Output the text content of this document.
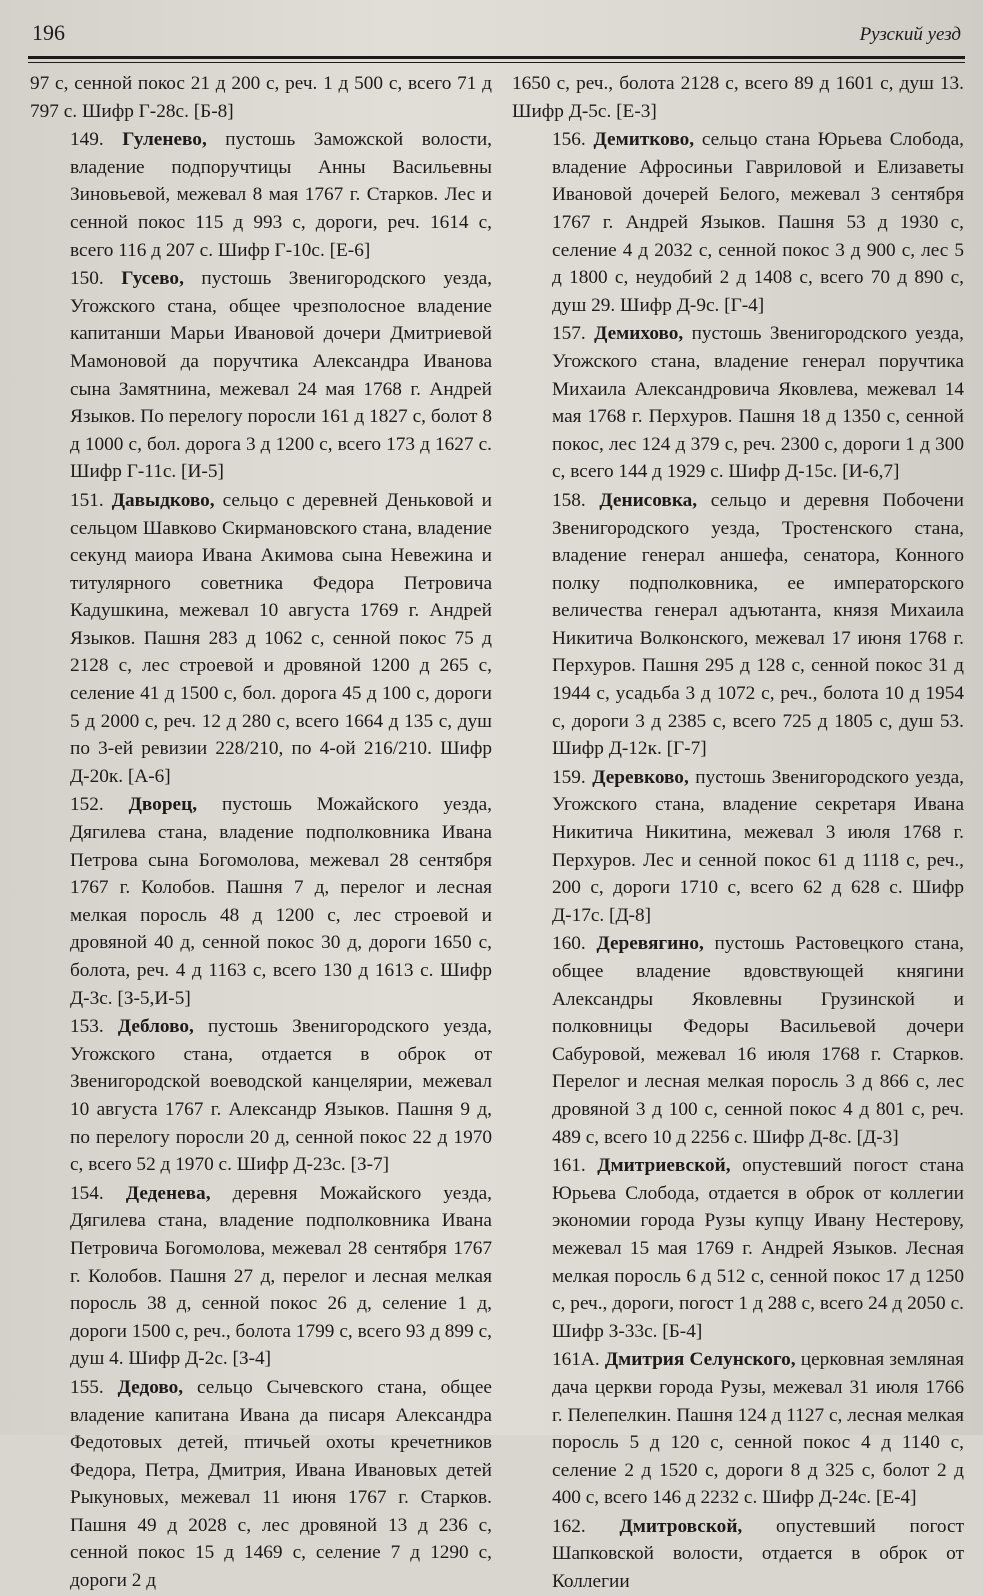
196	Рузский уезд

97 с, сенной покос 21 д 200 с, реч. 1 д 500 с, всего 71 д 797 с. Шифр Г-28с. [Б-8]

149. Гуленево, пустошь Заможской волости, владение подпоручтицы Анны Васильевны Зиновьевой, межевал 8 мая 1767 г. Старков. Лес и сенной покос 115 д 993 с, дороги, реч. 1614 с, всего 116 д 207 с. Шифр Г-10с. [Е-6]

150. Гусево, пустошь Звенигородского уезда, Угожского стана, общее чрезполосное владение капитанши Марьи Ивановой дочери Дмитриевой Мамоновой да поручтика Александра Иванова сына Замятнина, межевал 24 мая 1768 г. Андрей Языков. По перелогу поросли 161 д 1827 с, болот 8 д 1000 с, бол. дорога 3 д 1200 с, всего 173 д 1627 с. Шифр Г-11с. [И-5]

151. Давыдково, сельцо с деревней Деньковой и сельцом Шавково Скирмановского стана, владение секунд маиора Ивана Акимова сына Невежина и титулярного советника Федора Петровича Кадушкина, межевал 10 августа 1769 г. Андрей Языков. Пашня 283 д 1062 с, сенной покос 75 д 2128 с, лес строевой и дровяной 1200 д 265 с, селение 41 д 1500 с, бол. дорога 45 д 100 с, дороги 5 д 2000 с, реч. 12 д 280 с, всего 1664 д 135 с, душ по 3-ей ревизии 228/210, по 4-ой 216/210. Шифр Д-20к. [А-6]

152. Дворец, пустошь Можайского уезда, Дягилева стана, владение подполковника Ивана Петрова сына Богомолова, межевал 28 сентября 1767 г. Колобов. Пашня 7 д, перелог и лесная мелкая поросль 48 д 1200 с, лес строевой и дровяной 40 д, сенной покос 30 д, дороги 1650 с, болота, реч. 4 д 1163 с, всего 130 д 1613 с. Шифр Д-3с. [З-5,И-5]

153. Деблово, пустошь Звенигородского уезда, Угожского стана, отдается в оброк от Звенигородской воеводской канцелярии, межевал 10 августа 1767 г. Александр Языков. Пашня 9 д, по перелогу поросли 20 д, сенной покос 22 д 1970 с, всего 52 д 1970 с. Шифр Д-23с. [З-7]

154. Деденева, деревня Можайского уезда, Дягилева стана, владение подполковника Ивана Петровича Богомолова, межевал 28 сентября 1767 г. Колобов. Пашня 27 д, перелог и лесная мелкая поросль 38 д, сенной покос 26 д, селение 1 д, дороги 1500 с, реч., болота 1799 с, всего 93 д 899 с, душ 4. Шифр Д-2с. [З-4]

155. Дедово, сельцо Сычевского стана, общее владение капитана Ивана да писаря Александра Федотовых детей, птичьей охоты кречетников Федора, Петра, Дмитрия, Ивана Ивановых детей Рыкуновых, межевал 11 июня 1767 г. Старков. Пашня 49 д 2028 с, лес дровяной 13 д 236 с, сенной покос 15 д 1469 с, селение 7 д 1290 с, дороги 2 д

1650 с, реч., болота 2128 с, всего 89 д 1601 с, душ 13. Шифр Д-5с. [Е-3]

156. Демитково, сельцо стана Юрьева Слобода, владение Афросиньи Гавриловой и Елизаветы Ивановой дочерей Белого, межевал 3 сентября 1767 г. Андрей Языков. Пашня 53 д 1930 с, селение 4 д 2032 с, сенной покос 3 д 900 с, лес 5 д 1800 с, неудобий 2 д 1408 с, всего 70 д 890 с, душ 29. Шифр Д-9с. [Г-4]

157. Демихово, пустошь Звенигородского уезда, Угожского стана, владение генерал поручтика Михаила Александровича Яковлева, межевал 14 мая 1768 г. Перхуров. Пашня 18 д 1350 с, сенной покос, лес 124 д 379 с, реч. 2300 с, дороги 1 д 300 с, всего 144 д 1929 с. Шифр Д-15с. [И-6,7]

158. Денисовка, сельцо и деревня Побочени Звенигородского уезда, Тростенского стана, владение генерал аншефа, сенатора, Конного полку подполковника, ее императорского величества генерал адъютанта, князя Михаила Никитича Волконского, межевал 17 июня 1768 г. Перхуров. Пашня 295 д 128 с, сенной покос 31 д 1944 с, усадьба 3 д 1072 с, реч., болота 10 д 1954 с, дороги 3 д 2385 с, всего 725 д 1805 с, душ 53. Шифр Д-12к. [Г-7]

159. Деревково, пустошь Звенигородского уезда, Угожского стана, владение секретаря Ивана Никитича Никитина, межевал 3 июля 1768 г. Перхуров. Лес и сенной покос 61 д 1118 с, реч., 200 с, дороги 1710 с, всего 62 д 628 с. Шифр Д-17с. [Д-8]

160. Деревягино, пустошь Растовецкого стана, общее владение вдовствующей княгини Александры Яковлевны Грузинской и полковницы Федоры Васильевой дочери Сабуровой, межевал 16 июля 1768 г. Старков. Перелог и лесная мелкая поросль 3 д 866 с, лес дровяной 3 д 100 с, сенной покос 4 д 801 с, реч. 489 с, всего 10 д 2256 с. Шифр Д-8с. [Д-3]

161. Дмитриевской, опустевший погост стана Юрьева Слобода, отдается в оброк от коллегии экономии города Рузы купцу Ивану Нестерову, межевал 15 мая 1769 г. Андрей Языков. Лесная мелкая поросль 6 д 512 с, сенной покос 17 д 1250 с, реч., дороги, погост 1 д 288 с, всего 24 д 2050 с. Шифр З-33с. [Б-4]

161А. Дмитрия Селунского, церковная земляная дача церкви города Рузы, межевал 31 июля 1766 г. Пелепелкин. Пашня 124 д 1127 с, лесная мелкая поросль 5 д 120 с, сенной покос 4 д 1140 с, селение 2 д 1520 с, дороги 8 д 325 с, болот 2 д 400 с, всего 146 д 2232 с. Шифр Д-24с. [Е-4]

162. Дмитровской, опустевший погост Шапковской волости, отдается в оброк от Коллегии
